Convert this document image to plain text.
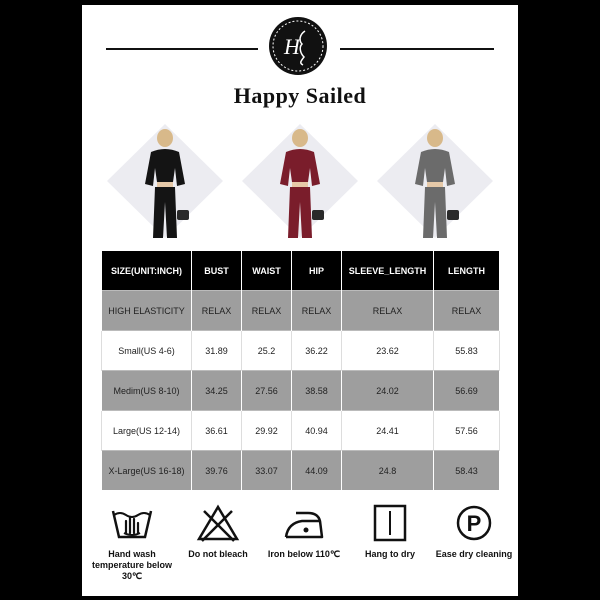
H
Happy Sailed
SIZE(UNIT:INCH)	BUST	WAIST	HIP	SLEEVE_LENGTH	LENGTH
HIGH ELASTICITY	RELAX	RELAX	RELAX	RELAX	RELAX
Small(US 4-6)	31.89	25.2	36.22	23.62	55.83
Medim(US 8-10)	34.25	27.56	38.58	24.02	56.69
Large(US 12-14)	36.61	29.92	40.94	24.41	57.56
X-Large(US 16-18)	39.76	33.07	44.09	24.8	58.43
Hand wash
temperature below 30℃
Do not bleach	Iron below 110℃	Hang to dry
P
Ease dry cleaning
